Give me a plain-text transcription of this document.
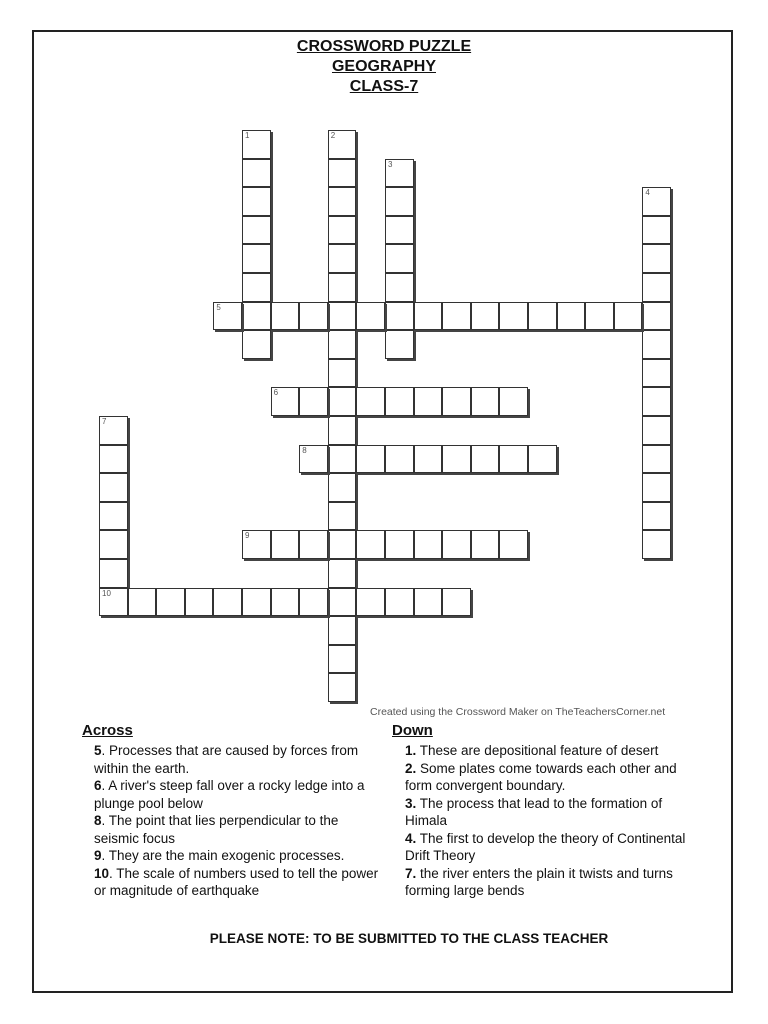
CROSSWORD PUZZLE
GEOGRAPHY
CLASS-7
1	2
3
4
5
6
7
10
8
9
Created using the Crossword Maker on TheTeachersCorner.net
Across

5. Processes that are caused by forces from within the earth.

6. A river's steep fall over a rocky ledge into a plunge pool below

8. The point that lies perpendicular to the seismic focus

9. They are the main exogenic processes.

10. The scale of numbers used to tell the power or magnitude of earthquake

Down

1. These are depositional feature of desert

2. Some plates come towards each other and form convergent boundary.

3. The process that lead to the formation of Himala

4. The first to develop the theory of Continental Drift Theory

7. the river enters the plain it twists and turns forming large bends

PLEASE NOTE: TO BE SUBMITTED TO THE CLASS TEACHER
